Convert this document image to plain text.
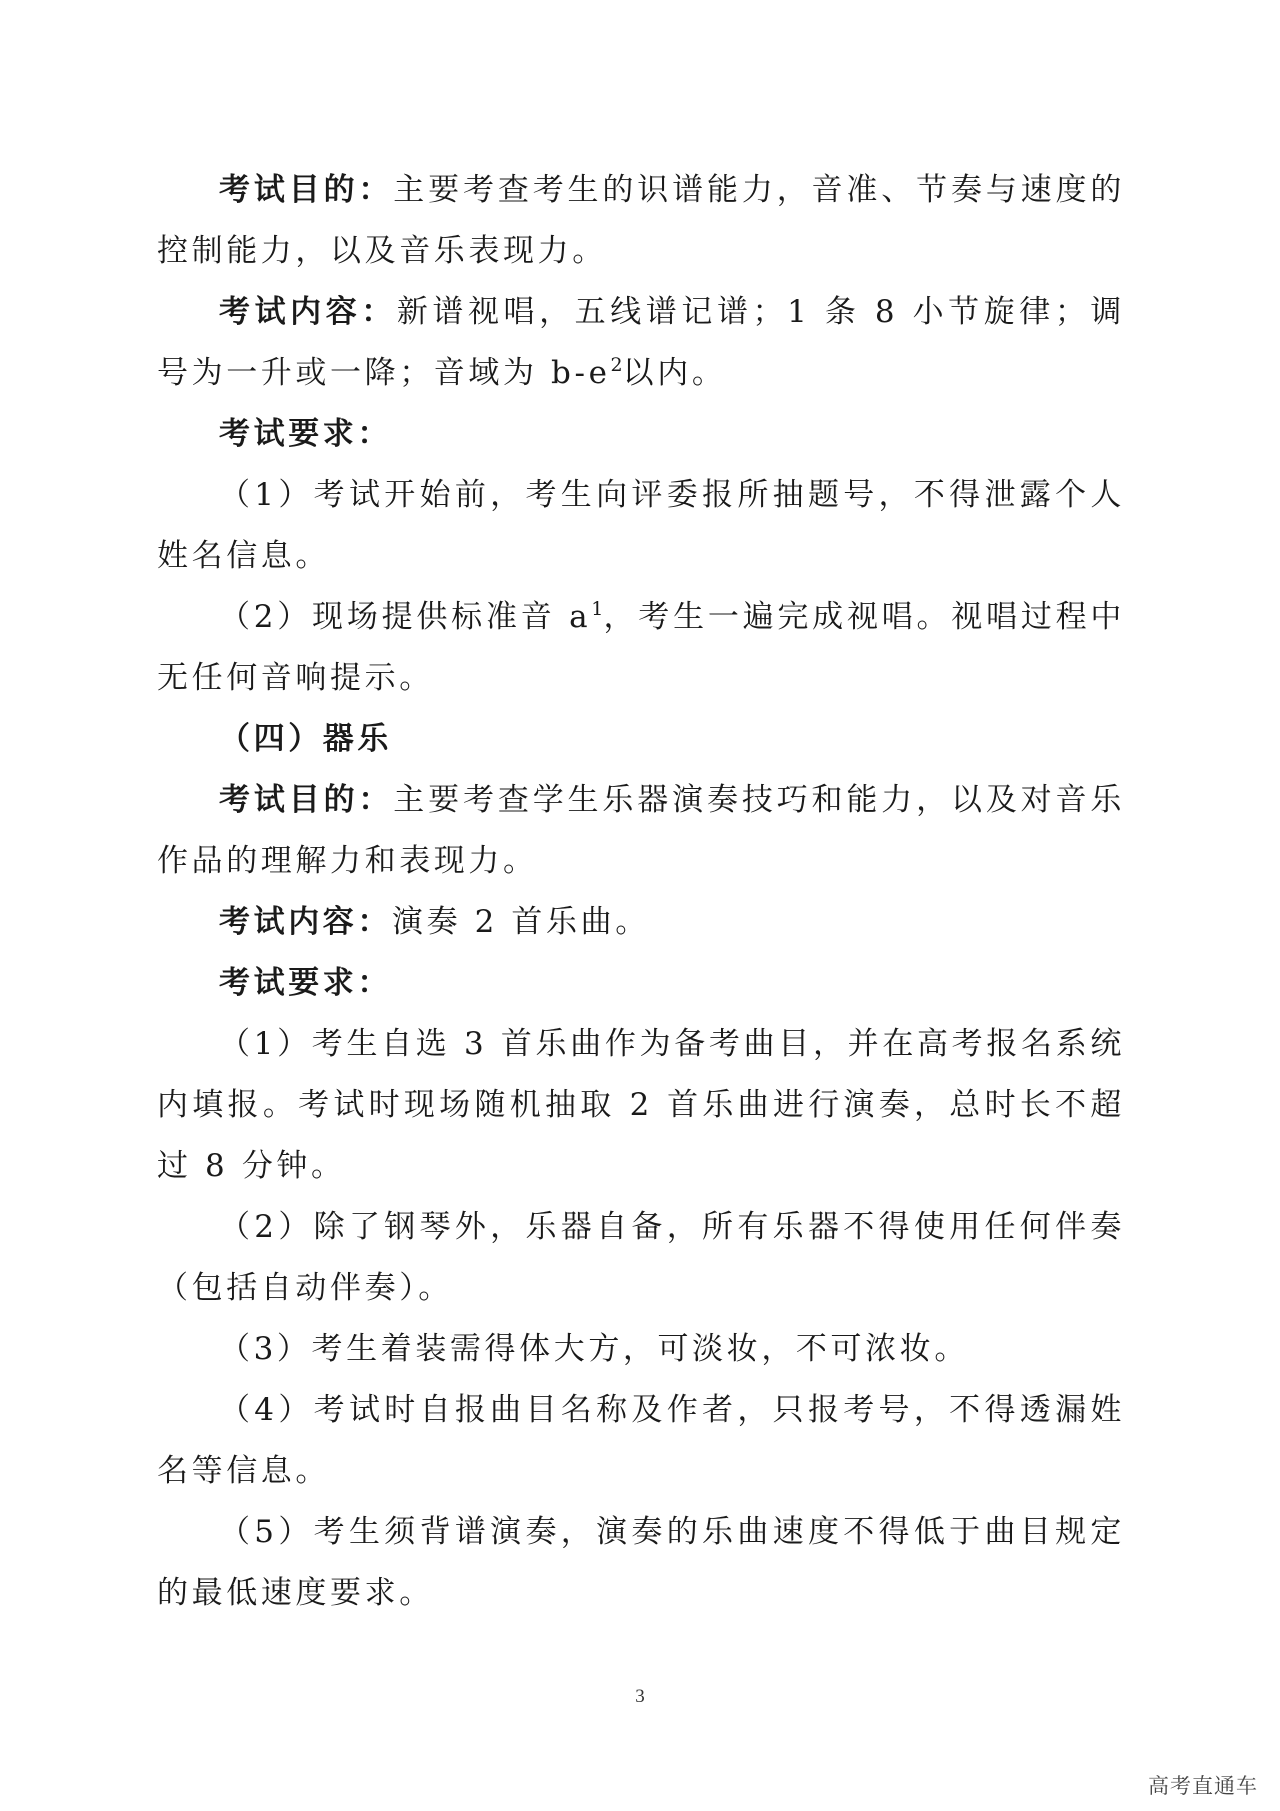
考试目的：主要考查考生的识谱能力，音准、节奏与速度的控制能力，以及音乐表现力。

考试内容：新谱视唱，五线谱记谱；1 条 8 小节旋律；调号为一升或一降；音域为 $b-e^2$以内。

考试要求：

（1）考试开始前，考生向评委报所抽题号，不得泄露个人姓名信息。

（2）现场提供标准音 $a^1$，考生一遍完成视唱。视唱过程中无任何音响提示。

（四）器乐

考试目的：主要考查学生乐器演奏技巧和能力，以及对音乐作品的理解力和表现力。

考试内容：演奏 2 首乐曲。

考试要求：

（1）考生自选 3 首乐曲作为备考曲目，并在高考报名系统内填报。考试时现场随机抽取 2 首乐曲进行演奏，总时长不超过 8 分钟。

（2）除了钢琴外，乐器自备，所有乐器不得使用任何伴奏（包括自动伴奏）。

（3）考生着装需得体大方，可淡妆，不可浓妆。

（4）考试时自报曲目名称及作者，只报考号，不得透漏姓名等信息。

（5）考生须背谱演奏，演奏的乐曲速度不得低于曲目规定的最低速度要求。

3
高考直通车
